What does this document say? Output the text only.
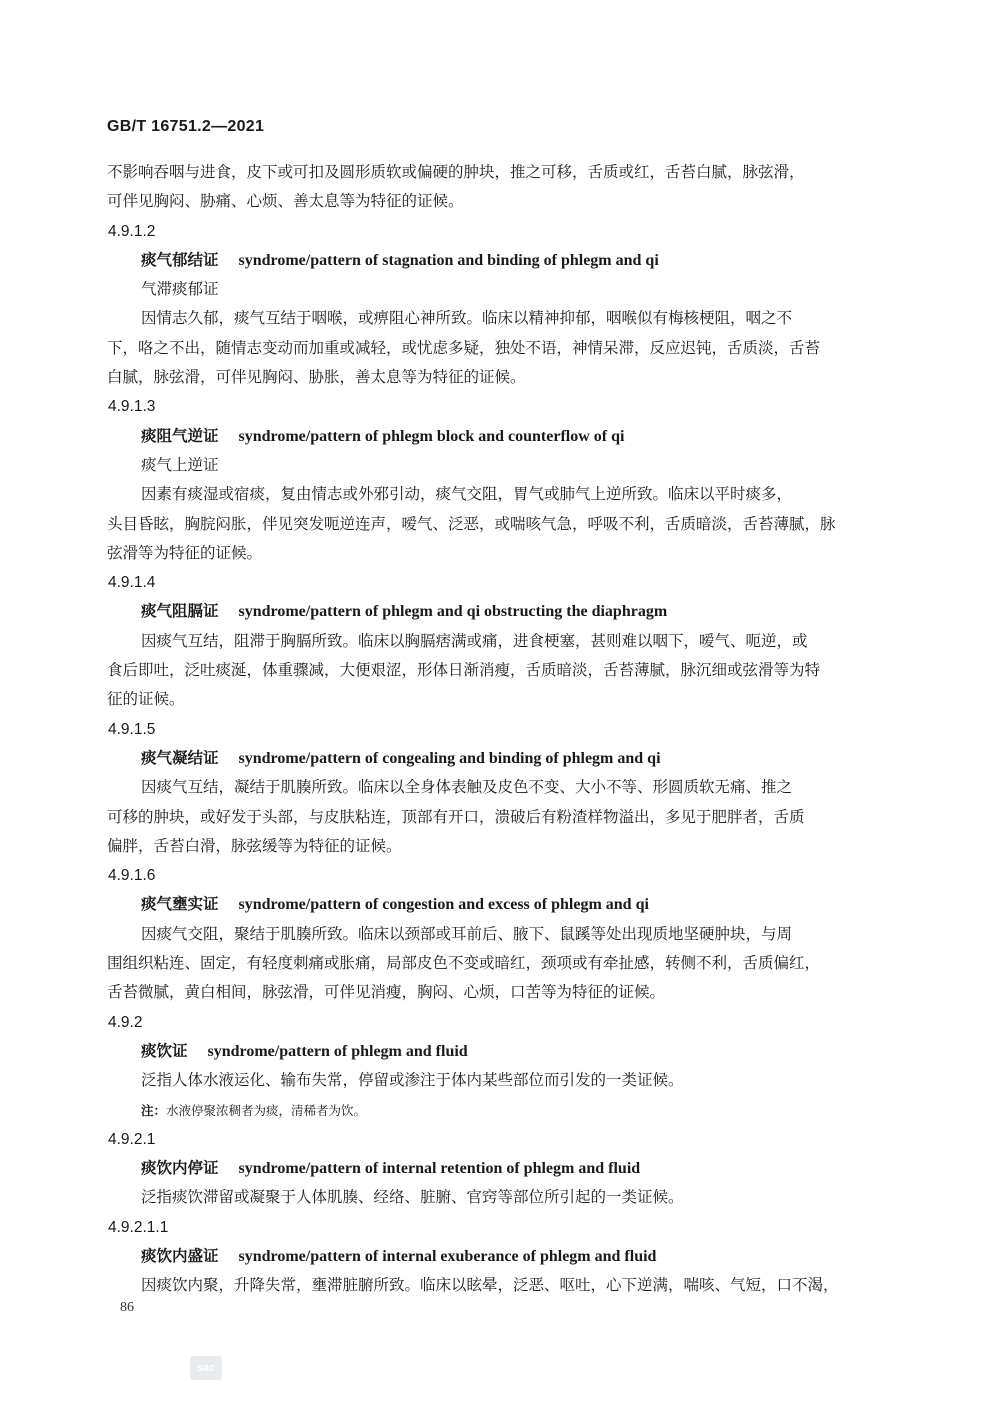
GB/T 16751.2—2021

不影响吞咽与进食，皮下或可扣及圆形质软或偏硬的肿块，推之可移，舌质或红，舌苔白腻，脉弦滑，

可伴见胸闷、胁痛、心烦、善太息等为特征的证候。

4.9.1.2

痰气郁结证 syndrome/pattern of stagnation and binding of phlegm and qi

气滞痰郁证

因情志久郁，痰气互结于咽喉，或痹阻心神所致。临床以精神抑郁，咽喉似有梅核梗阻，咽之不

下，咯之不出，随情志变动而加重或减轻，或忧虑多疑，独处不语，神情呆滞，反应迟钝，舌质淡，舌苔

白腻，脉弦滑，可伴见胸闷、胁胀，善太息等为特征的证候。

4.9.1.3

痰阻气逆证 syndrome/pattern of phlegm block and counterflow of qi

痰气上逆证

因素有痰湿或宿痰，复由情志或外邪引动，痰气交阻，胃气或肺气上逆所致。临床以平时痰多，

头目昏眩，胸脘闷胀，伴见突发呃逆连声，嗳气、泛恶，或喘咳气急，呼吸不利，舌质暗淡，舌苔薄腻，脉

弦滑等为特征的证候。

4.9.1.4

痰气阻膈证 syndrome/pattern of phlegm and qi obstructing the diaphragm

因痰气互结，阻滞于胸膈所致。临床以胸膈痞满或痛，进食梗塞，甚则难以咽下，嗳气、呃逆，或

食后即吐，泛吐痰涎，体重骤减，大便艰涩，形体日渐消瘦，舌质暗淡，舌苔薄腻，脉沉细或弦滑等为特

征的证候。

4.9.1.5

痰气凝结证 syndrome/pattern of congealing and binding of phlegm and qi

因痰气互结，凝结于肌腠所致。临床以全身体表触及皮色不变、大小不等、形圆质软无痛、推之

可移的肿块，或好发于头部，与皮肤粘连，顶部有开口，溃破后有粉渣样物溢出，多见于肥胖者，舌质

偏胖，舌苔白滑，脉弦缓等为特征的证候。

4.9.1.6

痰气壅实证 syndrome/pattern of congestion and excess of phlegm and qi

因痰气交阻，聚结于肌腠所致。临床以颈部或耳前后、腋下、鼠蹊等处出现质地坚硬肿块，与周

围组织粘连、固定，有轻度刺痛或胀痛，局部皮色不变或暗红，颈项或有牵扯感，转侧不利，舌质偏红，

舌苔微腻，黄白相间，脉弦滑，可伴见消瘦，胸闷、心烦，口苦等为特征的证候。

4.9.2

痰饮证 syndrome/pattern of phlegm and fluid

泛指人体水液运化、输布失常，停留或渗注于体内某些部位而引发的一类证候。

注：水液停聚浓稠者为痰，清稀者为饮。

4.9.2.1

痰饮内停证 syndrome/pattern of internal retention of phlegm and fluid

泛指痰饮滞留或凝聚于人体肌腠、经络、脏腑、官窍等部位所引起的一类证候。

4.9.2.1.1

痰饮内盛证 syndrome/pattern of internal exuberance of phlegm and fluid

因痰饮内聚，升降失常，壅滞脏腑所致。临床以眩晕，泛恶、呕吐，心下逆满，喘咳、气短，口不渴，

86
sac
